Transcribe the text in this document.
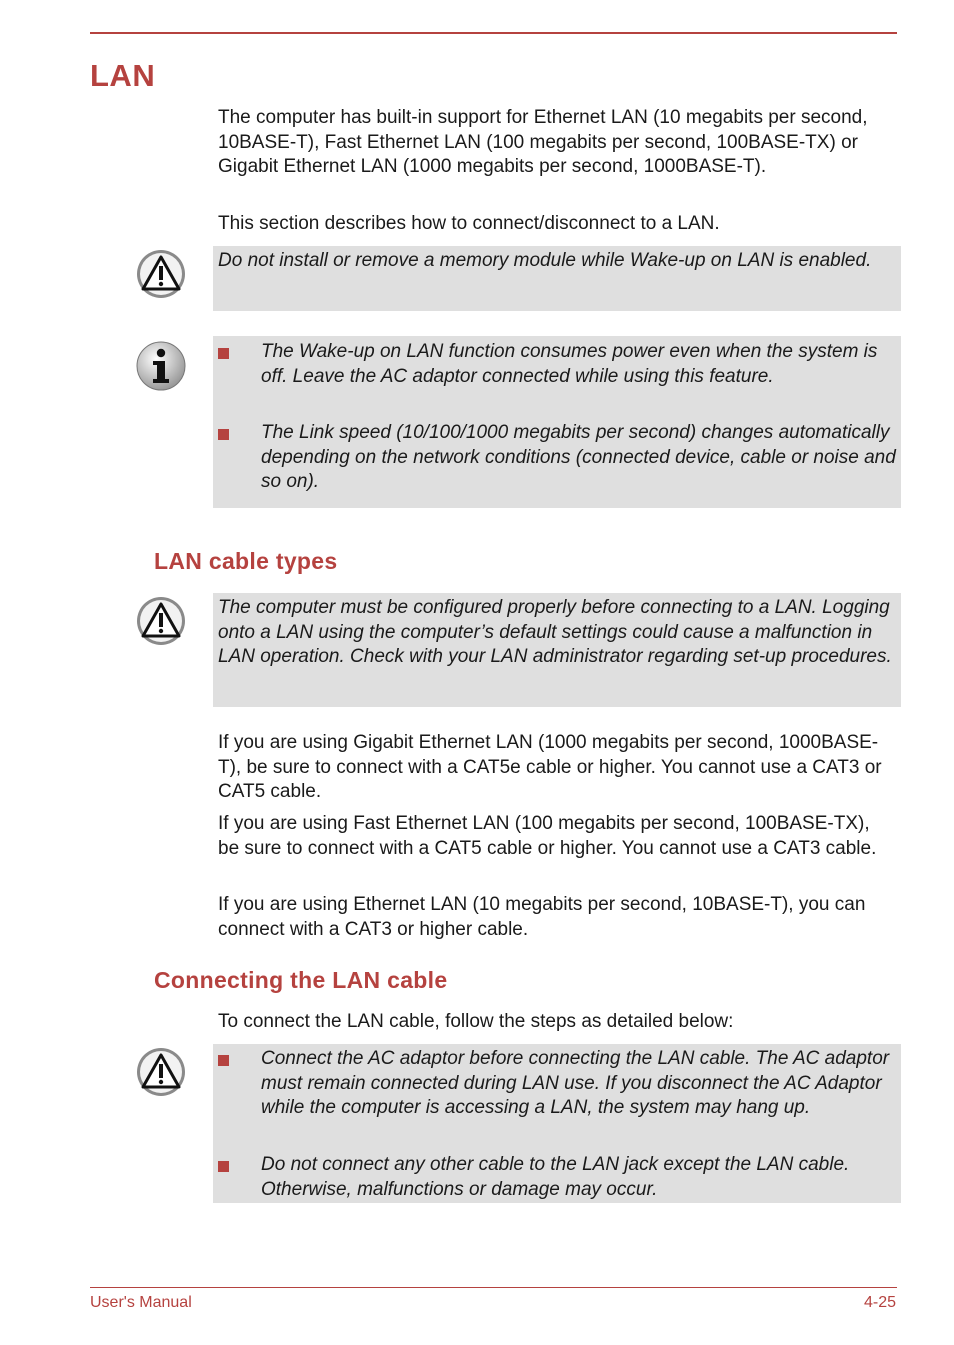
LAN

The computer has built-in support for Ethernet LAN (10 megabits per second, 10BASE-T), Fast Ethernet LAN (100 megabits per second, 100BASE-TX) or Gigabit Ethernet LAN (1000 megabits per second, 1000BASE-T).

This section describes how to connect/disconnect to a LAN.

Do not install or remove a memory module while Wake-up on LAN is enabled.
The Wake-up on LAN function consumes power even when the system is off. Leave the AC adaptor connected while using this feature.
The Link speed (10/100/1000 megabits per second) changes automatically depending on the network conditions (connected device, cable or noise and so on).
LAN cable types
The computer must be configured properly before connecting to a LAN. Logging onto a LAN using the computer’s default settings could cause a malfunction in LAN operation. Check with your LAN administrator regarding set-up procedures.

If you are using Gigabit Ethernet LAN (1000 megabits per second, 1000BASE-T), be sure to connect with a CAT5e cable or higher. You cannot use a CAT3 or CAT5 cable.

If you are using Fast Ethernet LAN (100 megabits per second, 100BASE-TX), be sure to connect with a CAT5 cable or higher. You cannot use a CAT3 cable.

If you are using Ethernet LAN (10 megabits per second, 10BASE-T), you can connect with a CAT3 or higher cable.

Connecting the LAN cable

To connect the LAN cable, follow the steps as detailed below:

Connect the AC adaptor before connecting the LAN cable. The AC adaptor must remain connected during LAN use. If you disconnect the AC Adaptor while the computer is accessing a LAN, the system may hang up.
Do not connect any other cable to the LAN jack except the LAN cable. Otherwise, malfunctions or damage may occur.
User's Manual	4-25
